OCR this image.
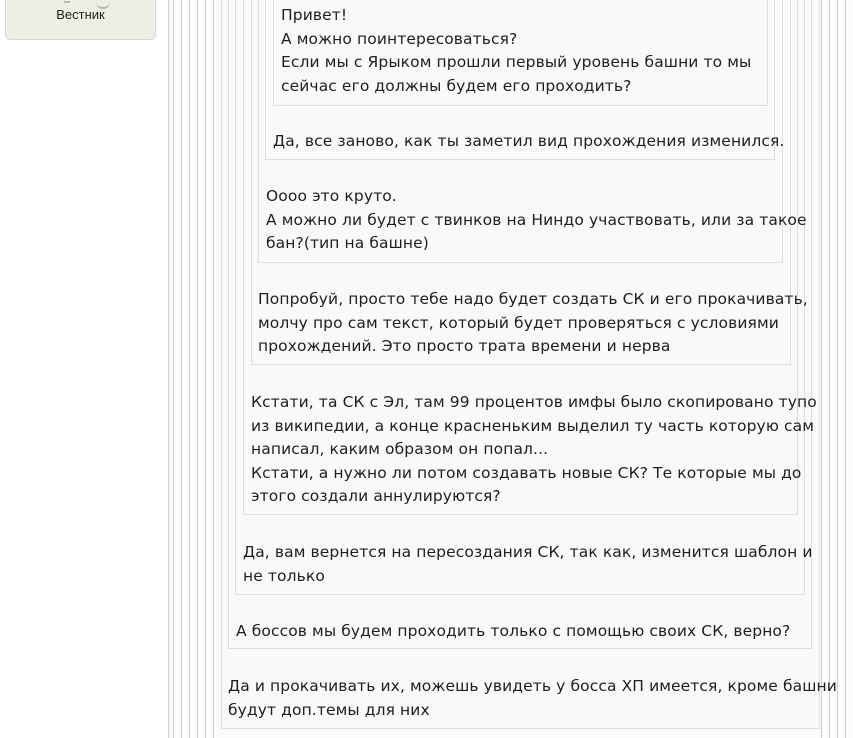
Вестник	Привет!
А можно поинтересоваться?
Если мы с Ярыком прошли первый уровень башни то мы
сейчас его должны будем его проходить?
Да, все заново, как ты заметил вид прохождения изменился.
Оооо это круто.
А можно ли будет с твинков на Ниндо участвовать, или за такое
бан?(тип на башне)
Попробуй, просто тебе надо будет создать СК и его прокачивать,
молчу про сам текст, который будет проверяться с условиями
прохождений. Это просто трата времени и нерва
Кстати, та СК с Эл, там 99 процентов имфы было скопировано тупо
из википедии, а конце красненьким выделил ту часть которую сам
написал, каким образом он попал...
Кстати, а нужно ли потом создавать новые СК? Те которые мы до
этого создали аннулируются?
Да, вам вернется на пересоздания СК, так как, изменится шаблон и
не только
А боссов мы будем проходить только с помощью своих СК, верно?
Да и прокачивать их, можешь увидеть у босса ХП имеется, кроме башни
будут доп.темы для них
